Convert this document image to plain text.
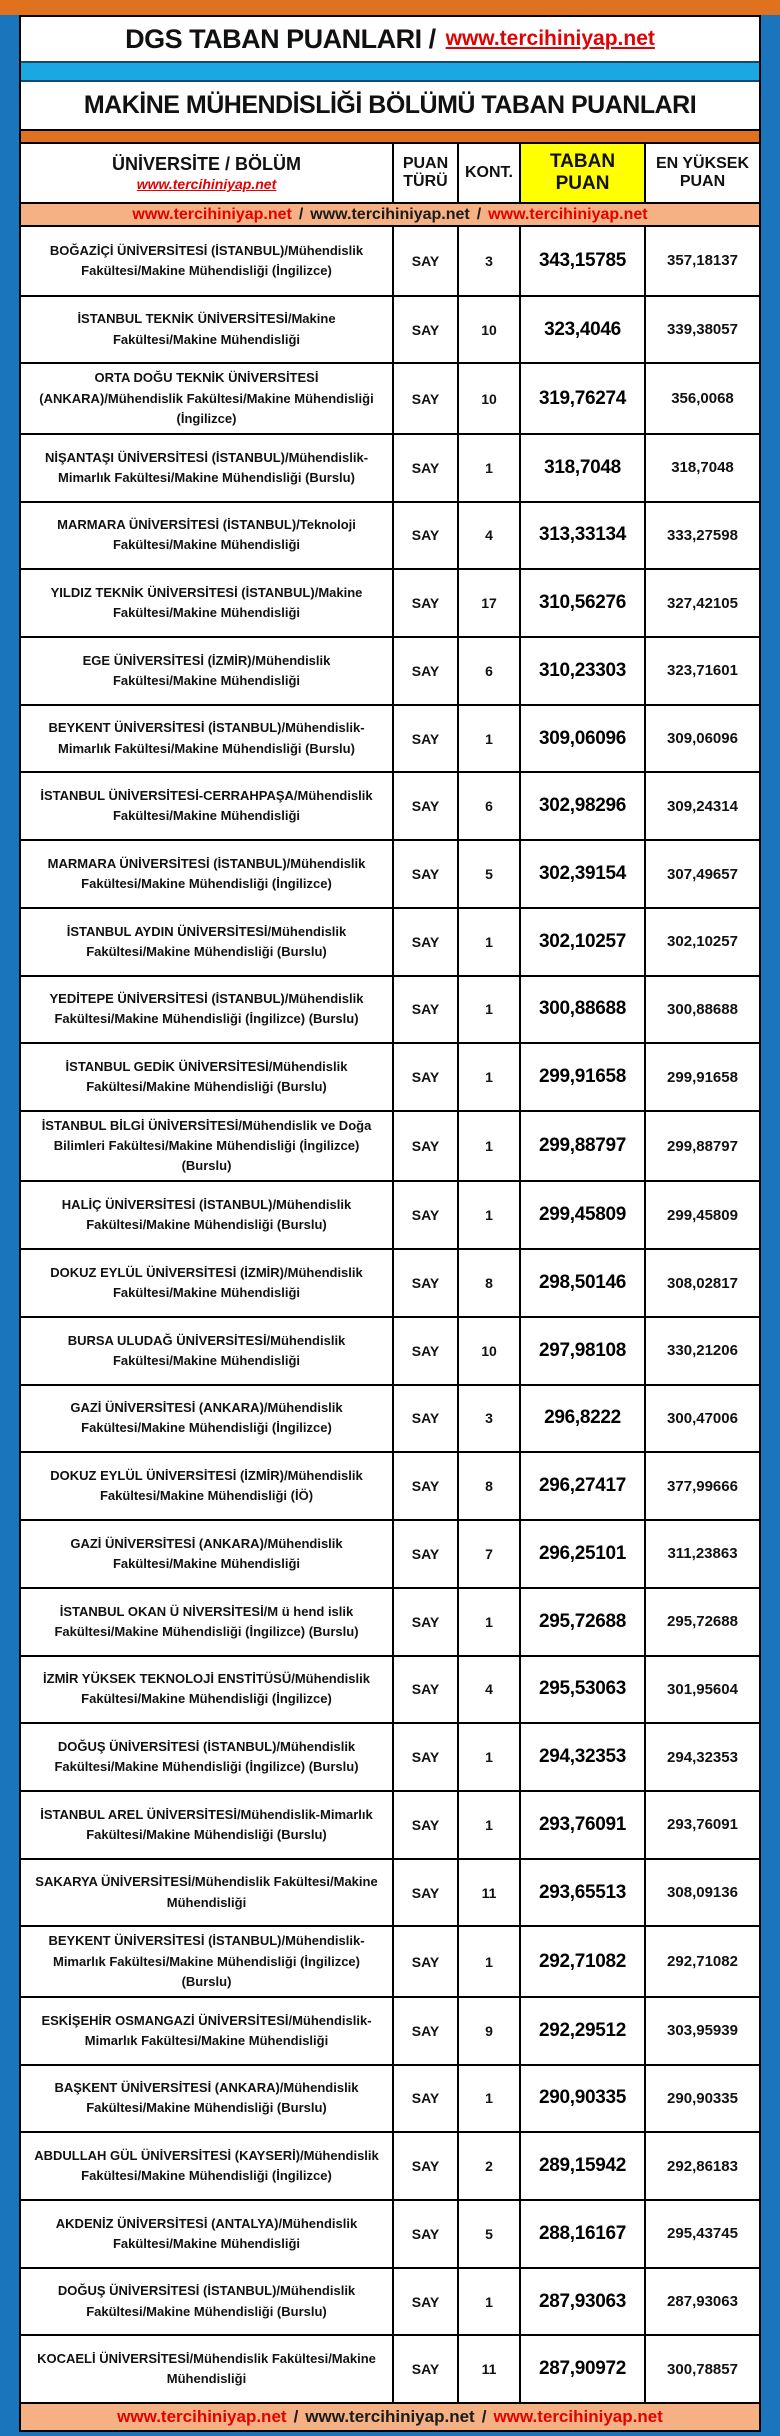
DGS TABAN PUANLARI / www.tercihiniyap.net
MAKİNE MÜHENDİSLİĞİ BÖLÜMÜ TABAN PUANLARI
ÜNİVERSİTE / BÖLÜM
www.tercihiniyap.net
PUAN TÜRÜ
KONT.
TABAN PUAN
EN YÜKSEK PUAN
www.tercihiniyap.net / www.tercihiniyap.net / www.tercihiniyap.net
BOĞAZİÇİ ÜNİVERSİTESİ (İSTANBUL)/Mühendislik Fakültesi/Makine Mühendisliği (İngilizce)
SAY	3	343,15785	357,18137
İSTANBUL TEKNİK ÜNİVERSİTESİ/Makine Fakültesi/Makine Mühendisliği
SAY	10	323,4046	339,38057
ORTA DOĞU TEKNİK ÜNİVERSİTESİ (ANKARA)/Mühendislik Fakültesi/Makine Mühendisliği (İngilizce)
SAY	10	319,76274	356,0068
NİŞANTAŞI ÜNİVERSİTESİ (İSTANBUL)/Mühendislik-Mimarlık Fakültesi/Makine Mühendisliği (Burslu)
SAY	1	318,7048	318,7048
MARMARA ÜNİVERSİTESİ (İSTANBUL)/Teknoloji Fakültesi/Makine Mühendisliği
SAY	4	313,33134	333,27598
YILDIZ TEKNİK ÜNİVERSİTESİ (İSTANBUL)/Makine Fakültesi/Makine Mühendisliği
SAY	17	310,56276	327,42105
EGE ÜNİVERSİTESİ (İZMİR)/Mühendislik Fakültesi/Makine Mühendisliği
SAY	6	310,23303	323,71601
BEYKENT ÜNİVERSİTESİ (İSTANBUL)/Mühendislik-Mimarlık Fakültesi/Makine Mühendisliği (Burslu)
SAY	1	309,06096	309,06096
İSTANBUL ÜNİVERSİTESİ-CERRAHPAŞA/Mühendislik Fakültesi/Makine Mühendisliği
SAY	6	302,98296	309,24314
MARMARA ÜNİVERSİTESİ (İSTANBUL)/Mühendislik Fakültesi/Makine Mühendisliği (İngilizce)
SAY	5	302,39154	307,49657
İSTANBUL AYDIN ÜNİVERSİTESİ/Mühendislik Fakültesi/Makine Mühendisliği (Burslu)
SAY	1	302,10257	302,10257
YEDİTEPE ÜNİVERSİTESİ (İSTANBUL)/Mühendislik Fakültesi/Makine Mühendisliği (İngilizce) (Burslu)
SAY	1	300,88688	300,88688
İSTANBUL GEDİK ÜNİVERSİTESİ/Mühendislik Fakültesi/Makine Mühendisliği (Burslu)
SAY	1	299,91658	299,91658
İSTANBUL BİLGİ ÜNİVERSİTESİ/Mühendislik ve Doğa Bilimleri Fakültesi/Makine Mühendisliği (İngilizce) (Burslu)
SAY	1	299,88797	299,88797
HALİÇ ÜNİVERSİTESİ (İSTANBUL)/Mühendislik Fakültesi/Makine Mühendisliği (Burslu)
SAY	1	299,45809	299,45809
DOKUZ EYLÜL ÜNİVERSİTESİ (İZMİR)/Mühendislik Fakültesi/Makine Mühendisliği
SAY	8	298,50146	308,02817
BURSA ULUDAĞ ÜNİVERSİTESİ/Mühendislik Fakültesi/Makine Mühendisliği
SAY	10	297,98108	330,21206
GAZİ ÜNİVERSİTESİ (ANKARA)/Mühendislik Fakültesi/Makine Mühendisliği (İngilizce)
SAY	3	296,8222	300,47006
DOKUZ EYLÜL ÜNİVERSİTESİ (İZMİR)/Mühendislik Fakültesi/Makine Mühendisliği (İÖ)
SAY	8	296,27417	377,99666
GAZİ ÜNİVERSİTESİ (ANKARA)/Mühendislik Fakültesi/Makine Mühendisliği
SAY	7	296,25101	311,23863
İSTANBUL OKAN Ü NİVERSİTESİ/M ü hend islik Fakültesi/Makine Mühendisliği (İngilizce) (Burslu)
SAY	1	295,72688	295,72688
İZMİR YÜKSEK TEKNOLOJİ ENSTİTÜSÜ/Mühendislik Fakültesi/Makine Mühendisliği (İngilizce)
SAY	4	295,53063	301,95604
DOĞUŞ ÜNİVERSİTESİ (İSTANBUL)/Mühendislik Fakültesi/Makine Mühendisliği (İngilizce) (Burslu)
SAY	1	294,32353	294,32353
İSTANBUL AREL ÜNİVERSİTESİ/Mühendislik-Mimarlık Fakültesi/Makine Mühendisliği (Burslu)
SAY	1	293,76091	293,76091
SAKARYA ÜNİVERSİTESİ/Mühendislik Fakültesi/Makine Mühendisliği
SAY	11	293,65513	308,09136
BEYKENT ÜNİVERSİTESİ (İSTANBUL)/Mühendislik-Mimarlık Fakültesi/Makine Mühendisliği (İngilizce) (Burslu)
SAY	1	292,71082	292,71082
ESKİŞEHİR OSMANGAZİ ÜNİVERSİTESİ/Mühendislik-Mimarlık Fakültesi/Makine Mühendisliği
SAY	9	292,29512	303,95939
BAŞKENT ÜNİVERSİTESİ (ANKARA)/Mühendislik Fakültesi/Makine Mühendisliği (Burslu)
SAY	1	290,90335	290,90335
ABDULLAH GÜL ÜNİVERSİTESİ (KAYSERİ)/Mühendislik Fakültesi/Makine Mühendisliği (İngilizce)
SAY	2	289,15942	292,86183
AKDENİZ ÜNİVERSİTESİ (ANTALYA)/Mühendislik Fakültesi/Makine Mühendisliği
SAY	5	288,16167	295,43745
DOĞUŞ ÜNİVERSİTESİ (İSTANBUL)/Mühendislik Fakültesi/Makine Mühendisliği (Burslu)
SAY	1	287,93063	287,93063
KOCAELİ ÜNİVERSİTESİ/Mühendislik Fakültesi/Makine Mühendisliği
SAY	11	287,90972	300,78857
www.tercihiniyap.net / www.tercihiniyap.net / www.tercihiniyap.net
